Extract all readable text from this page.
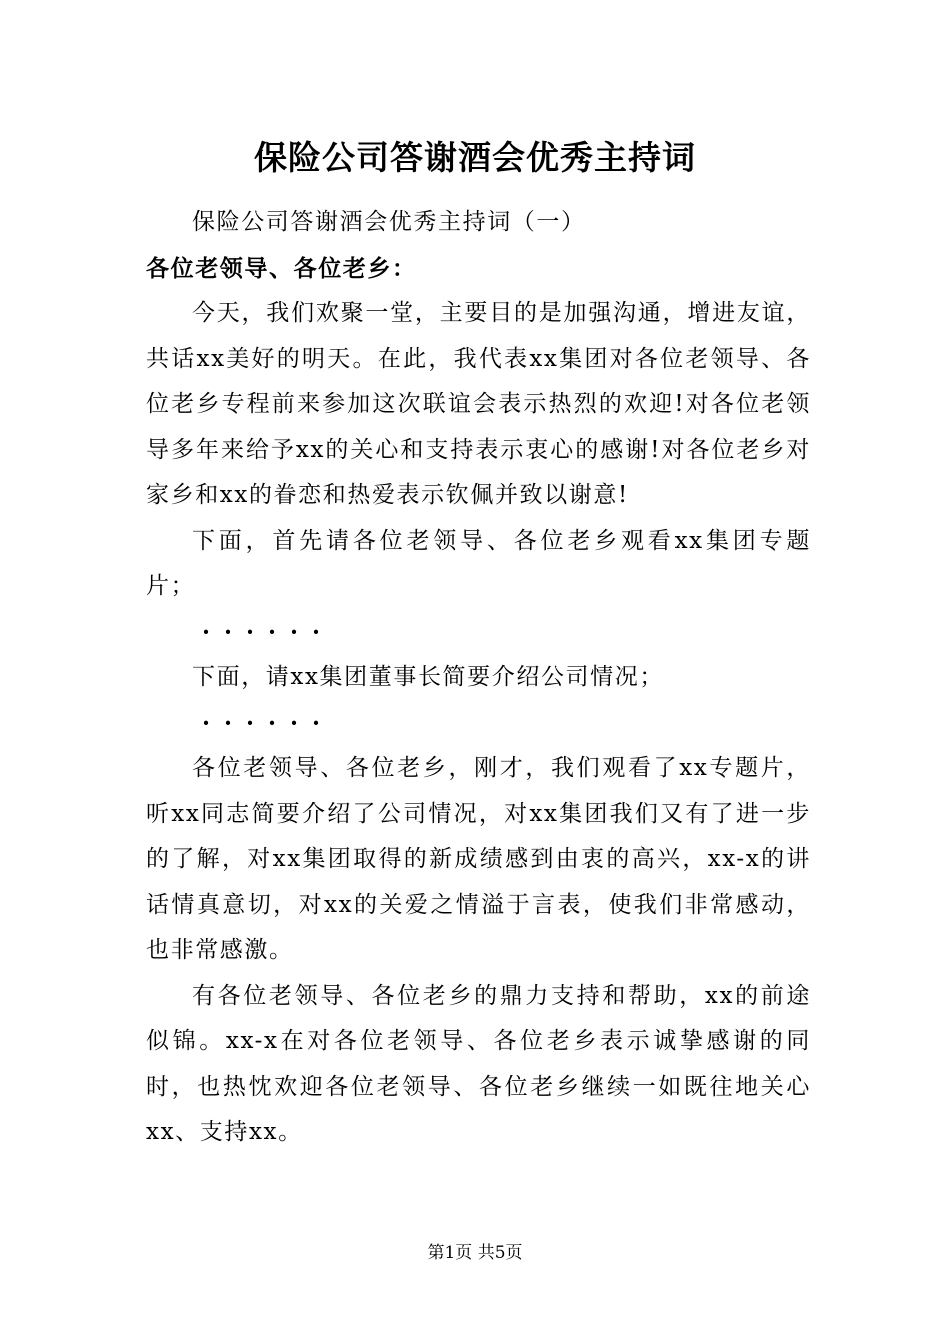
保险公司答谢酒会优秀主持词

保险公司答谢酒会优秀主持词（一）

各位老领导、各位老乡：

今天，我们欢聚一堂，主要目的是加强沟通，增进友谊，共话xx美好的明天。在此，我代表xx集团对各位老领导、各位老乡专程前来参加这次联谊会表示热烈的欢迎!对各位老领导多年来给予xx的关心和支持表示衷心的感谢!对各位老乡对家乡和xx的眷恋和热爱表示钦佩并致以谢意!

下面，首先请各位老领导、各位老乡观看xx集团专题片；

······

下面，请xx集团董事长简要介绍公司情况；

······

各位老领导、各位老乡，刚才，我们观看了xx专题片，听xx同志简要介绍了公司情况，对xx集团我们又有了进一步的了解，对xx集团取得的新成绩感到由衷的高兴，xx-x的讲话情真意切，对xx的关爱之情溢于言表，使我们非常感动，也非常感激。

有各位老领导、各位老乡的鼎力支持和帮助，xx的前途似锦。xx-x在对各位老领导、各位老乡表示诚挚感谢的同时，也热忱欢迎各位老领导、各位老乡继续一如既往地关心xx、支持xx。

第1页 共5页
